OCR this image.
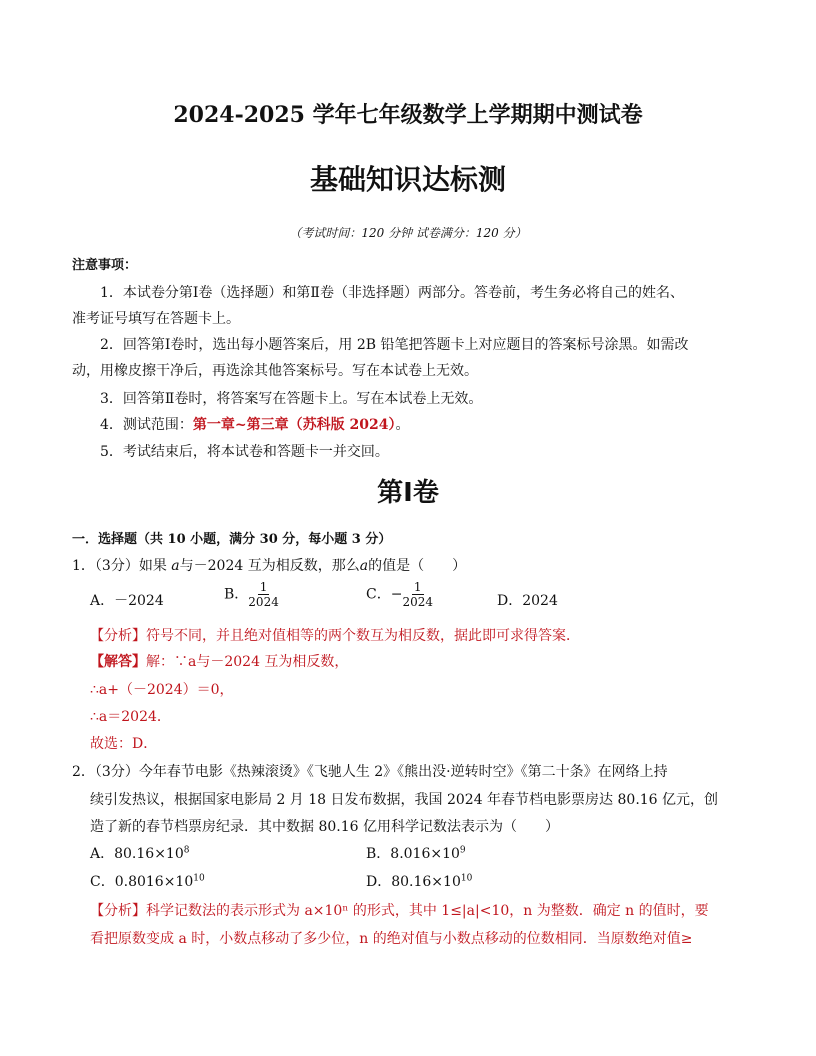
2024-2025 学年七年级数学上学期期中测试卷
基础知识达标测
（考试时间：120 分钟 试卷满分：120 分）
注意事项：
1．本试卷分第Ⅰ卷（选择题）和第Ⅱ卷（非选择题）两部分。答卷前，考生务必将自己的姓名、
准考证号填写在答题卡上。
2．回答第Ⅰ卷时，选出每小题答案后，用 2B 铅笔把答题卡上对应题目的答案标号涂黑。如需改
动，用橡皮擦干净后，再选涂其他答案标号。写在本试卷上无效。
3．回答第Ⅱ卷时，将答案写在答题卡上。写在本试卷上无效。
4．测试范围：第一章~第三章（苏科版 2024）。
5．考试结束后，将本试卷和答题卡一并交回。
第Ⅰ卷
一．选择题（共 10 小题，满分 30 分，每小题 3 分）
1．（3分）如果 a与－2024 互为相反数，那么a的值是（　　）
A．－2024	B． $\frac{1}{2024}$	C．− $\frac{1}{2024}$	D．2024
【分析】符号不同，并且绝对值相等的两个数互为相反数，据此即可求得答案．
【解答】解：∵a与－2024 互为相反数，
∴a+（－2024）＝0，
∴a＝2024．
故选：D．
2．（3分）今年春节电影《热辣滚烫》《飞驰人生 2》《熊出没·逆转时空》《第二十条》在网络上持
续引发热议，根据国家电影局 2 月 18 日发布数据，我国 2024 年春节档电影票房达 80.16 亿元，创
造了新的春节档票房纪录．其中数据 80.16 亿用科学记数法表示为（　　）
A．$80.16\times 10^8$	B．$8.016\times 10^9$
C．$0.8016\times 10^{10}$	D．$80.16\times 10^{10}$
【分析】科学记数法的表示形式为 a×10ⁿ 的形式，其中 1≤|a|<10，n 为整数．确定 n 的值时，要
看把原数变成 a 时，小数点移动了多少位，n 的绝对值与小数点移动的位数相同．当原数绝对值≥
